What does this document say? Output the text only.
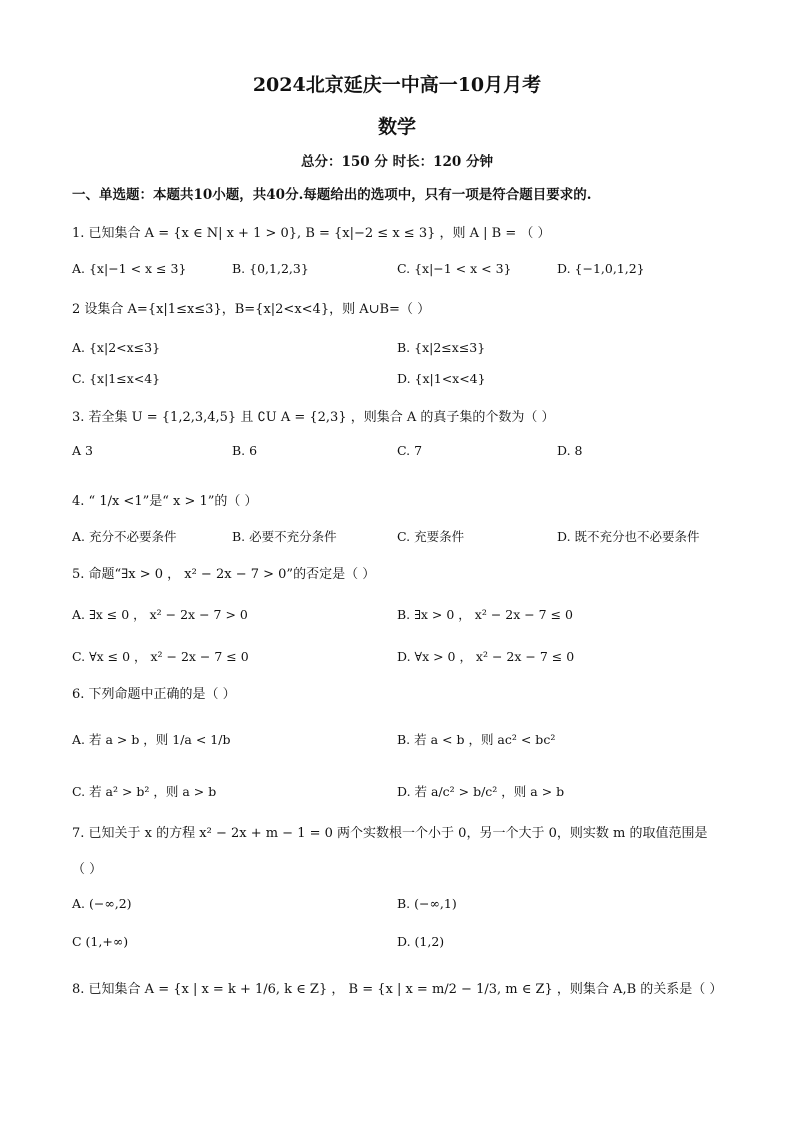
2024北京延庆一中高一10月月考
数学
总分：150 分 时长：120 分钟
一、单选题：本题共10小题，共40分.每题给出的选项中，只有一项是符合题目要求的.
1. 已知集合 A = {x ∈ N| x + 1 > 0}, B = {x|−2 ≤ x ≤ 3} ，则 A | B = （ ）
A. {x|−1 < x ≤ 3}	B. {0,1,2,3}	C. {x|−1 < x < 3}	D. {−1,0,1,2}
2 设集合 A={x|1≤x≤3}，B={x|2<x<4}，则 A∪B=（ ）
A. {x|2<x≤3}	B. {x|2≤x≤3}
C. {x|1≤x<4}	D. {x|1<x<4}
3. 若全集 U = {1,2,3,4,5} 且 ∁U A = {2,3} ，则集合 A 的真子集的个数为（ ）
A 3	B. 6	C. 7	D. 8
4. “ 1/x <1”是“ x > 1”的（ ）
A. 充分不必要条件	B. 必要不充分条件	C. 充要条件	D. 既不充分也不必要条件
5. 命题“∃x > 0 ， x² − 2x − 7 > 0”的否定是（ ）
A. ∃x ≤ 0 ， x² − 2x − 7 > 0	B. ∃x > 0 ， x² − 2x − 7 ≤ 0
C. ∀x ≤ 0 ， x² − 2x − 7 ≤ 0	D. ∀x > 0 ， x² − 2x − 7 ≤ 0
6. 下列命题中正确的是（ ）
A. 若 a > b ，则 1/a < 1/b	B. 若 a < b ，则 ac² < bc²
C. 若 a² > b² ，则 a > b	D. 若 a/c² > b/c² ，则 a > b
7. 已知关于 x 的方程 x² − 2x + m − 1 = 0 两个实数根一个小于 0，另一个大于 0，则实数 m 的取值范围是
（ ）
A. (−∞,2)	B. (−∞,1)
C (1,+∞)	D. (1,2)
8. 已知集合 A = {x | x = k + 1/6, k ∈ Z} ， B = {x | x = m/2 − 1/3, m ∈ Z} ，则集合 A,B 的关系是（ ）
